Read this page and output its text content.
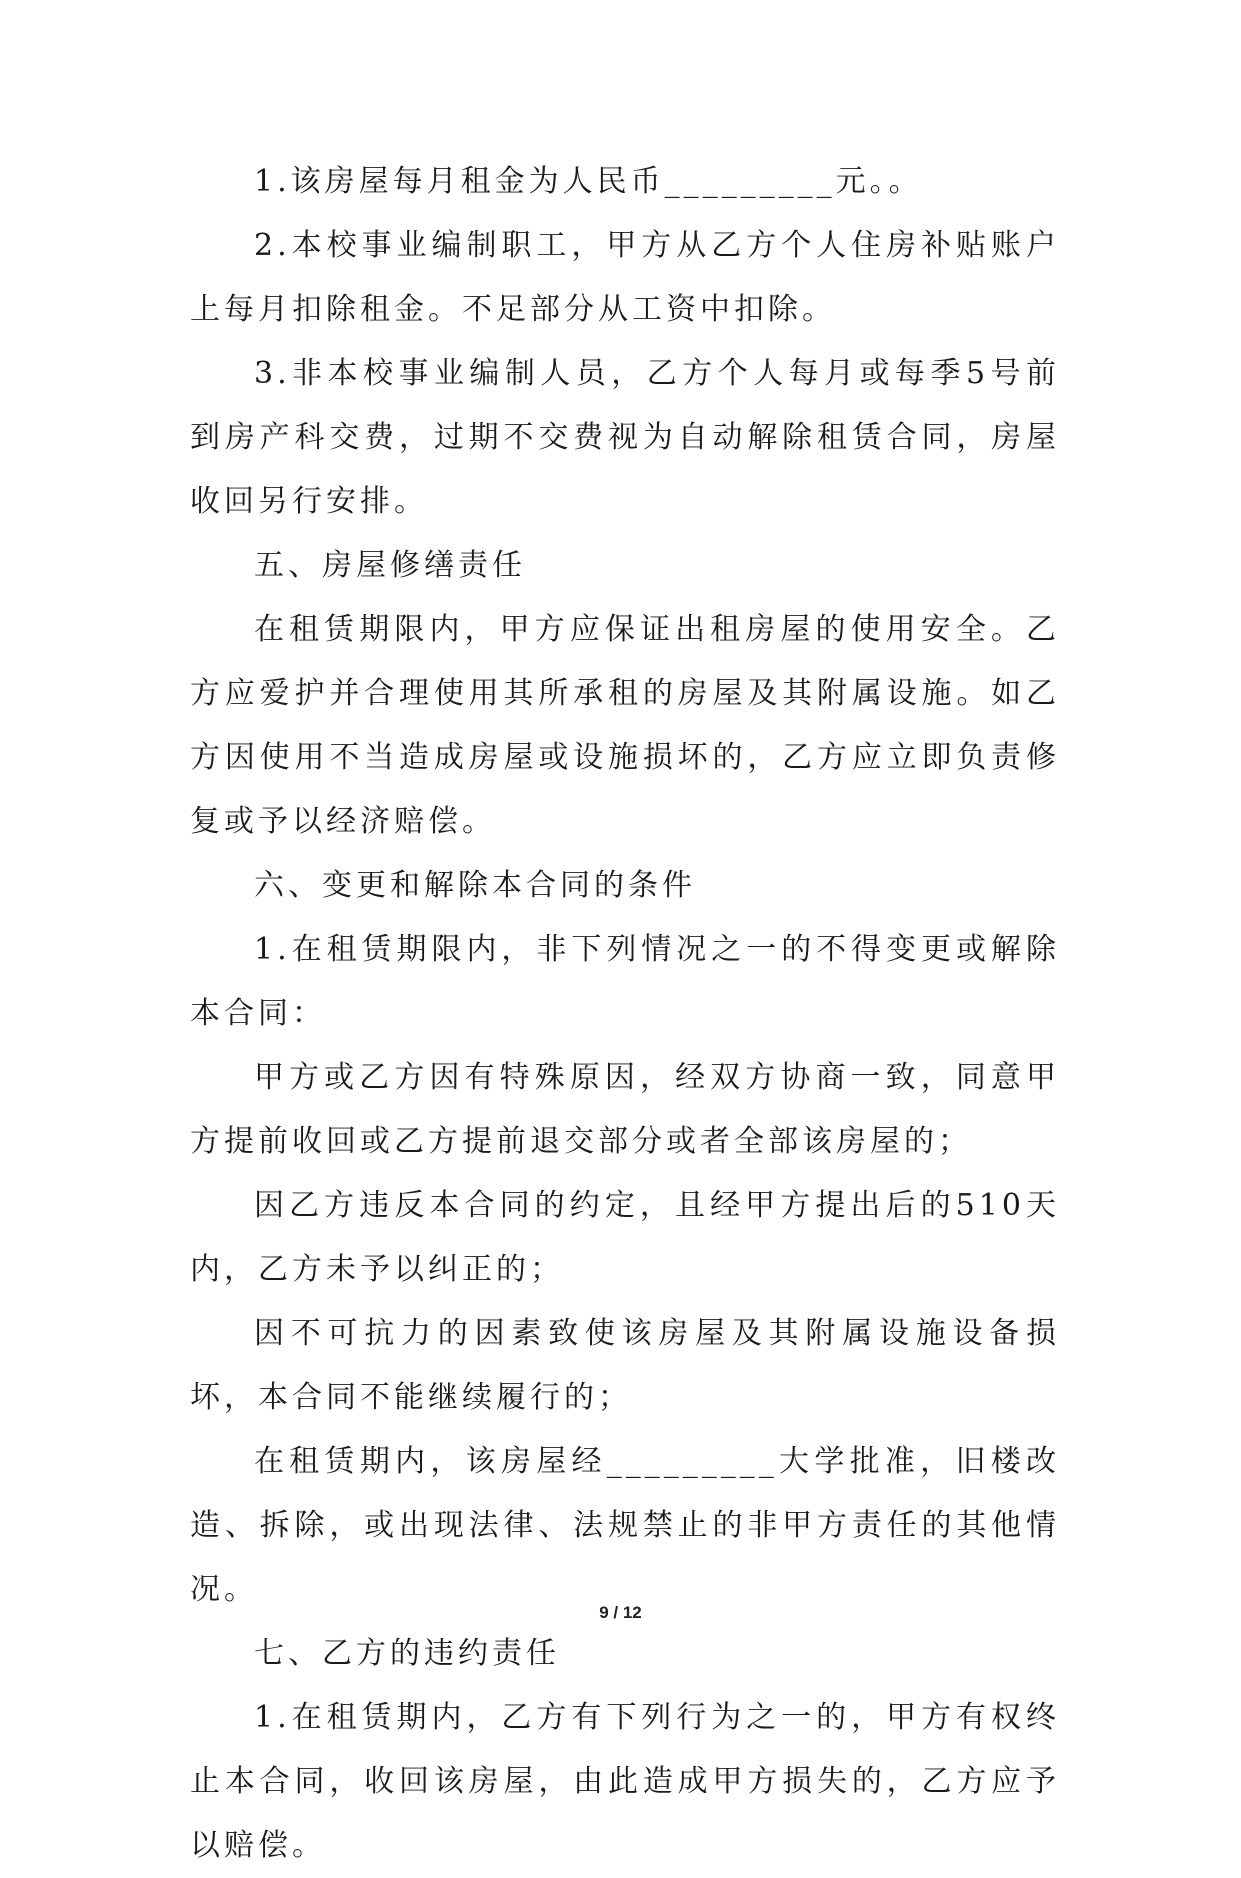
1.该房屋每月租金为人民币_________元。。

2.本校事业编制职工，甲方从乙方个人住房补贴账户上每月扣除租金。不足部分从工资中扣除。

3.非本校事业编制人员，乙方个人每月或每季5号前到房产科交费，过期不交费视为自动解除租赁合同，房屋收回另行安排。

五、房屋修缮责任

在租赁期限内，甲方应保证出租房屋的使用安全。乙方应爱护并合理使用其所承租的房屋及其附属设施。如乙方因使用不当造成房屋或设施损坏的，乙方应立即负责修复或予以经济赔偿。

六、变更和解除本合同的条件

1.在租赁期限内，非下列情况之一的不得变更或解除本合同：

甲方或乙方因有特殊原因，经双方协商一致，同意甲方提前收回或乙方提前退交部分或者全部该房屋的；

因乙方违反本合同的约定，且经甲方提出后的510天内，乙方未予以纠正的；

因不可抗力的因素致使该房屋及其附属设施设备损坏，本合同不能继续履行的；

在租赁期内，该房屋经_________大学批准，旧楼改造、拆除，或出现法律、法规禁止的非甲方责任的其他情况。

七、乙方的违约责任

1.在租赁期内，乙方有下列行为之一的，甲方有权终止本合同，收回该房屋，由此造成甲方损失的，乙方应予以赔偿。

9 / 12
